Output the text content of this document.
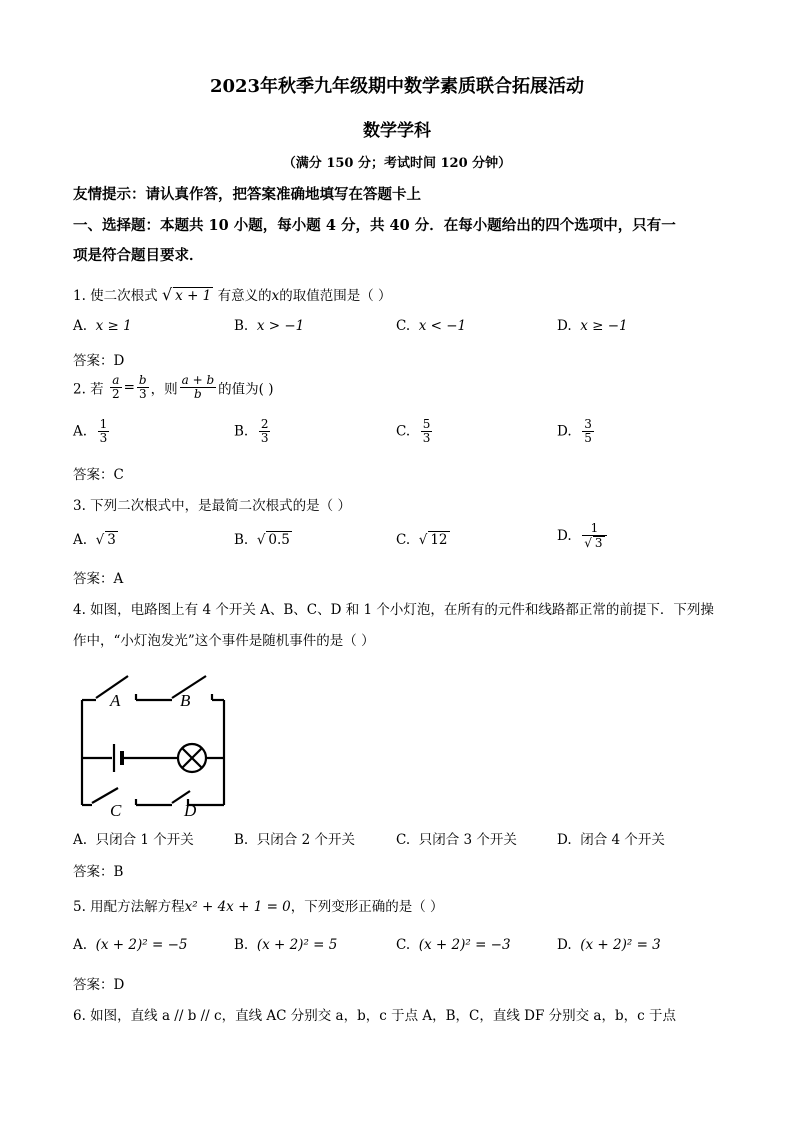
2023年秋季九年级期中数学素质联合拓展活动
数学学科
（满分 150 分；考试时间 120 分钟）
友情提示：请认真作答，把答案准确地填写在答题卡上
一、选择题：本题共 10 小题，每小题 4 分，共 40 分．在每小题给出的四个选项中，只有一
项是符合题目要求．
1. 使二次根式 √ x + 1 有意义的x的取值范围是（ ）
A. x ≥ 1	B. x > −1	C. x < −1	D. x ≥ −1
答案：D
2. 若 $\frac{a}{2} = \frac{b}{3}$ ，则 $\frac{a + b}{b}$ 的值为( )
A. $\frac{1}{3}$	B. $\frac{2}{3}$	C. $\frac{5}{3}$	D. $\frac{3}{5}$
答案：C
3. 下列二次根式中，是最简二次根式的是（ ）
A. √ 3	B. √ 0.5	C. √ 12	D. $\frac{1}{√ 3}$
答案：A
4. 如图，电路图上有 4 个开关 A、B、C、D 和 1 个小灯泡，在所有的元件和线路都正常的前提下．下列操
作中，“小灯泡发光”这个事件是随机事件的是（ ）
A	B
C	D
A. 只闭合 1 个开关	B. 只闭合 2 个开关	C. 只闭合 3 个开关	D. 闭合 4 个开关
答案：B
5. 用配方法解方程x² + 4x + 1 = 0，下列变形正确的是（ ）
A. (x + 2)² = −5	B. (x + 2)² = 5	C. (x + 2)² = −3	D. (x + 2)² = 3
答案：D
6. 如图，直线 a // b // c，直线 AC 分别交 a，b，c 于点 A，B，C，直线 DF 分别交 a，b，c 于点
